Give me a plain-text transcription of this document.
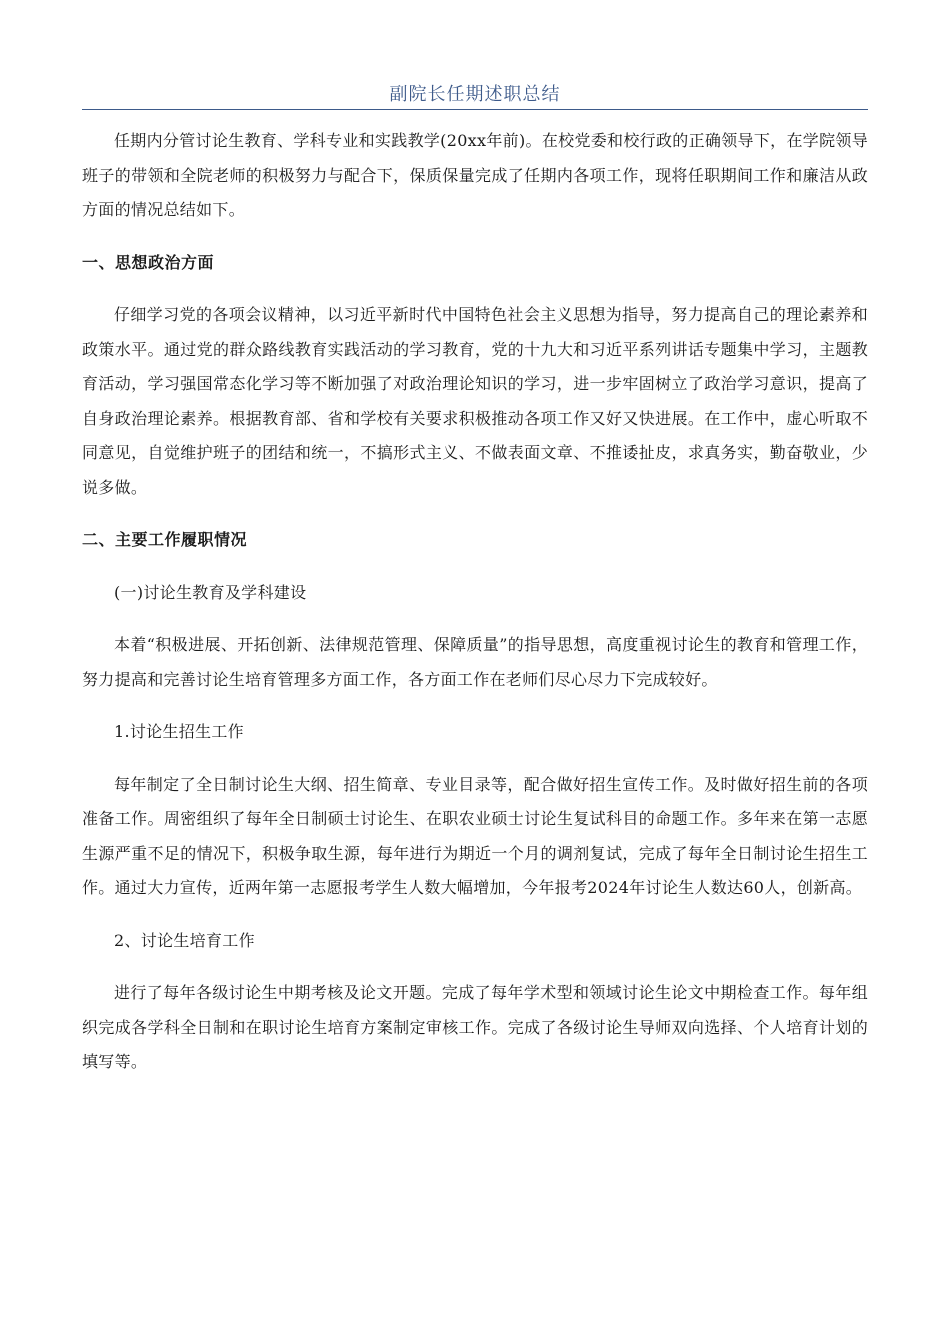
副院长任期述职总结

任期内分管讨论生教育、学科专业和实践教学(20xx年前)。在校党委和校行政的正确领导下，在学院领导班子的带领和全院老师的积极努力与配合下，保质保量完成了任期内各项工作，现将任职期间工作和廉洁从政方面的情况总结如下。

一、思想政治方面

仔细学习党的各项会议精神，以习近平新时代中国特色社会主义思想为指导，努力提高自己的理论素养和政策水平。通过党的群众路线教育实践活动的学习教育，党的十九大和习近平系列讲话专题集中学习，主题教育活动，学习强国常态化学习等不断加强了对政治理论知识的学习，进一步牢固树立了政治学习意识，提高了自身政治理论素养。根据教育部、省和学校有关要求积极推动各项工作又好又快进展。在工作中，虚心听取不同意见，自觉维护班子的团结和统一，不搞形式主义、不做表面文章、不推诿扯皮，求真务实，勤奋敬业，少说多做。

二、主要工作履职情况

(一)讨论生教育及学科建设

本着“积极进展、开拓创新、法律规范管理、保障质量”的指导思想，高度重视讨论生的教育和管理工作，努力提高和完善讨论生培育管理多方面工作，各方面工作在老师们尽心尽力下完成较好。

1.讨论生招生工作

每年制定了全日制讨论生大纲、招生简章、专业目录等，配合做好招生宣传工作。及时做好招生前的各项准备工作。周密组织了每年全日制硕士讨论生、在职农业硕士讨论生复试科目的命题工作。多年来在第一志愿生源严重不足的情况下，积极争取生源，每年进行为期近一个月的调剂复试，完成了每年全日制讨论生招生工作。通过大力宣传，近两年第一志愿报考学生人数大幅增加，今年报考2024年讨论生人数达60人，创新高。

2、讨论生培育工作

进行了每年各级讨论生中期考核及论文开题。完成了每年学术型和领域讨论生论文中期检查工作。每年组织完成各学科全日制和在职讨论生培育方案制定审核工作。完成了各级讨论生导师双向选择、个人培育计划的填写等。
